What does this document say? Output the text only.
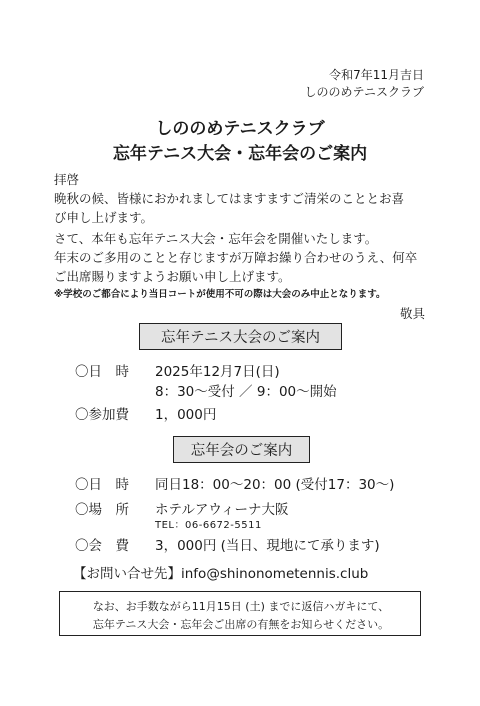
令和7年11月吉日
しののめテニスクラブ
しののめテニスクラブ
忘年テニス大会・忘年会のご案内
拝啓
晩秋の候、皆様におかれましてはますますご清栄のこととお喜
び申し上げます。
さて、本年も忘年テニス大会・忘年会を開催いたします。
年末のご多用のことと存じますが万障お繰り合わせのうえ、何卒
ご出席賜りますようお願い申し上げます。
※学校のご都合により当日コートが使用不可の際は大会のみ中止となります。
敬具
忘年テニス大会のご案内
〇日　時 2025年12月7日(日)
8：30～受付 ／ 9：00～開始
〇参加費 1，000円
忘年会のご案内
〇日　時 同日18：00～20：00 (受付17：30～)
〇場　所 ホテルアウィーナ大阪
TEL：06-6672-5511
〇会　費 3，000円 (当日、現地にて承ります)
【お問い合せ先】info@shinonometennis.club
なお、お手数ながら11月15日 (土) までに返信ハガキにて、
忘年テニス大会・忘年会ご出席の有無をお知らせください。
